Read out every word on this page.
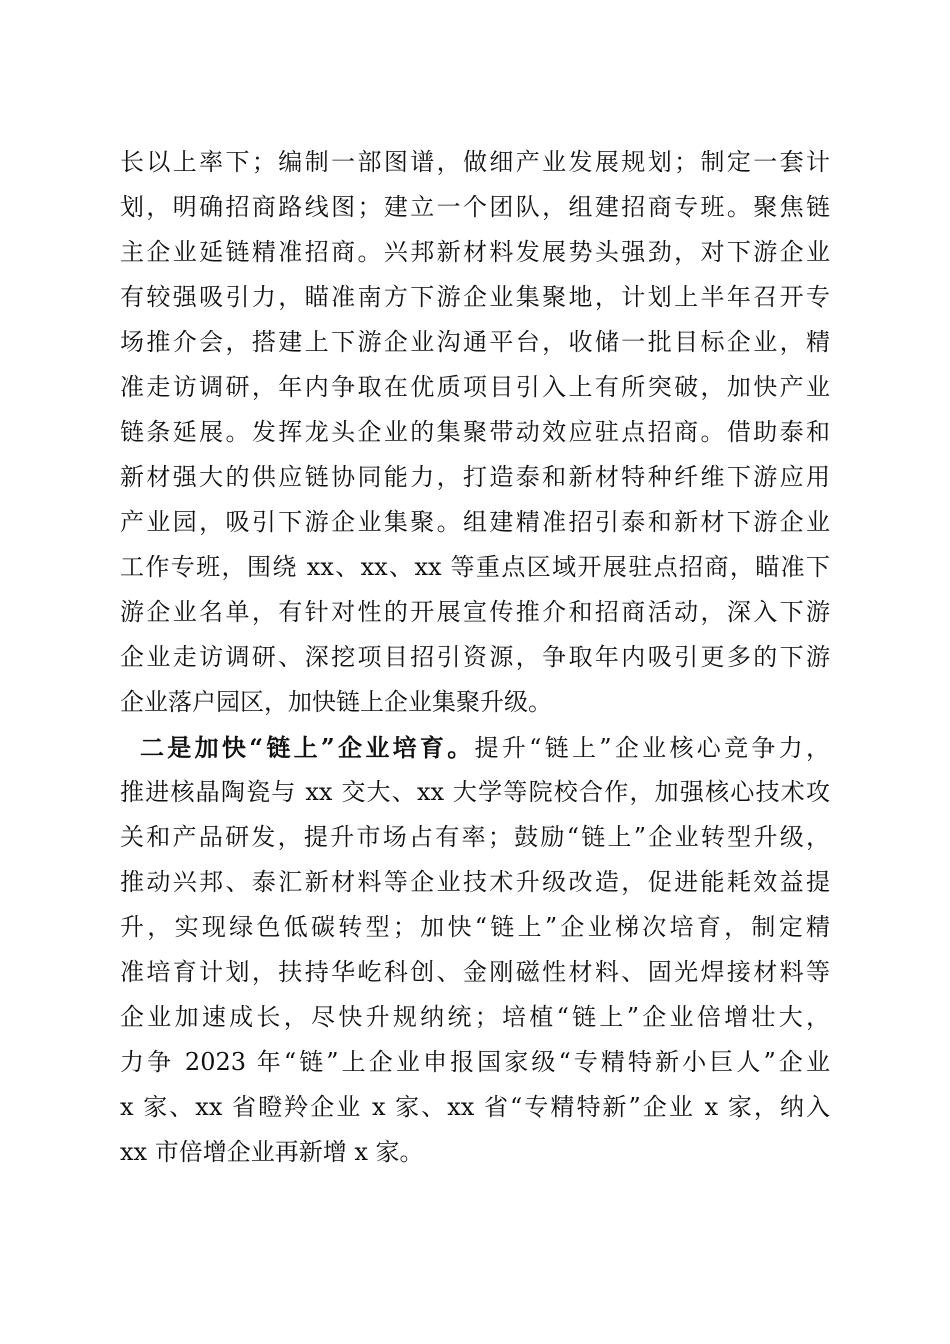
长以上率下；编制一部图谱，做细产业发展规划；制定一套计
划，明确招商路线图；建立一个团队，组建招商专班。聚焦链
主企业延链精准招商。兴邦新材料发展势头强劲，对下游企业
有较强吸引力，瞄准南方下游企业集聚地，计划上半年召开专
场推介会，搭建上下游企业沟通平台，收储一批目标企业，精
准走访调研，年内争取在优质项目引入上有所突破，加快产业
链条延展。发挥龙头企业的集聚带动效应驻点招商。借助泰和
新材强大的供应链协同能力，打造泰和新材特种纤维下游应用
产业园，吸引下游企业集聚。组建精准招引泰和新材下游企业
工作专班，围绕 xx、xx、xx 等重点区域开展驻点招商，瞄准下
游企业名单，有针对性的开展宣传推介和招商活动，深入下游
企业走访调研、深挖项目招引资源，争取年内吸引更多的下游
企业落户园区，加快链上企业集聚升级。
二是加快“链上”企业培育。提升“链上”企业核心竞争力，
推进核晶陶瓷与 xx 交大、xx 大学等院校合作，加强核心技术攻
关和产品研发，提升市场占有率；鼓励“链上”企业转型升级，
推动兴邦、泰汇新材料等企业技术升级改造，促进能耗效益提
升，实现绿色低碳转型；加快“链上”企业梯次培育，制定精
准培育计划，扶持华屹科创、金刚磁性材料、固光焊接材料等
企业加速成长，尽快升规纳统；培植“链上”企业倍增壮大，
力争 2023 年“链”上企业申报国家级“专精特新小巨人”企业
x 家、xx 省瞪羚企业 x 家、xx 省“专精特新”企业 x 家，纳入
xx 市倍增企业再新增 x 家。
